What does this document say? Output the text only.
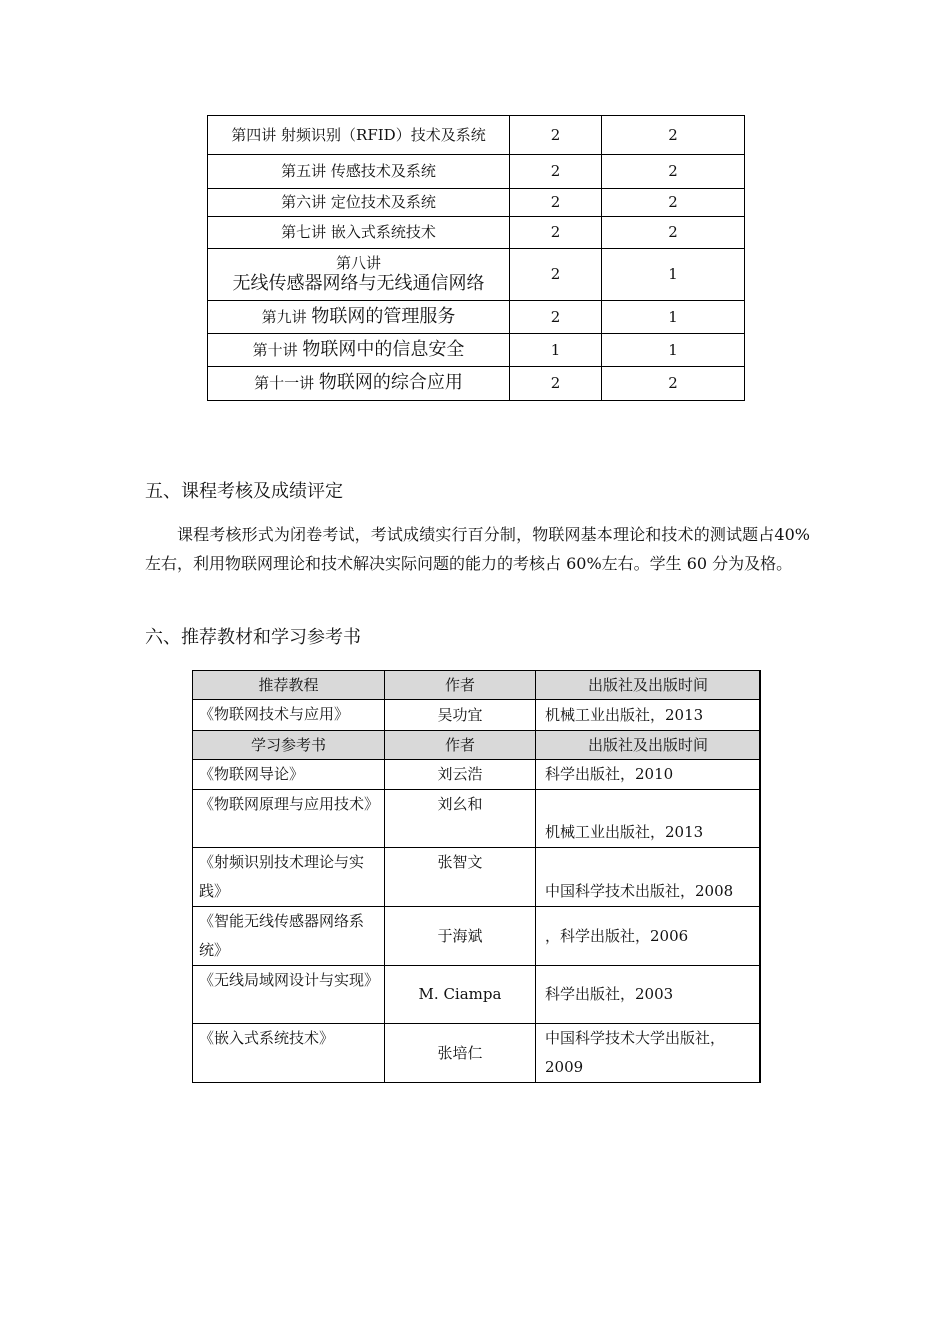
第四讲 射频识别（RFID）技术及系统	2	2
第五讲 传感技术及系统	2	2
第六讲 定位技术及系统	2	2
第七讲 嵌入式系统技术	2	2

第八讲
无线传感器网络与无线通信网络	2	1
第九讲 物联网的管理服务	2	1
第十讲 物联网中的信息安全	1	1
第十一讲 物联网的综合应用	2	2
五、课程考核及成绩评定

课程考核形式为闭卷考试，考试成绩实行百分制，物联网基本理论和技术的测试题占40%左右，利用物联网理论和技术解决实际问题的能力的考核占 60%左右。学生 60 分为及格。

六、推荐教材和学习参考书
推荐教程	作者	出版社及出版时间
《物联网技术与应用》	吴功宜	机械工业出版社，2013
学习参考书	作者	出版社及出版时间
《物联网导论》	刘云浩	科学出版社，2010
《物联网原理与应用技术》	刘幺和	机械工业出版社，2013
《射频识别技术理论与实践》	张智文	中国科学技术出版社，2008
《智能无线传感器网络系统》	于海斌	，科学出版社，2006
《无线局域网设计与实现》	M. Ciampa	科学出版社，2003
《嵌入式系统技术》	张培仁	中国科学技术大学出版社，2009
